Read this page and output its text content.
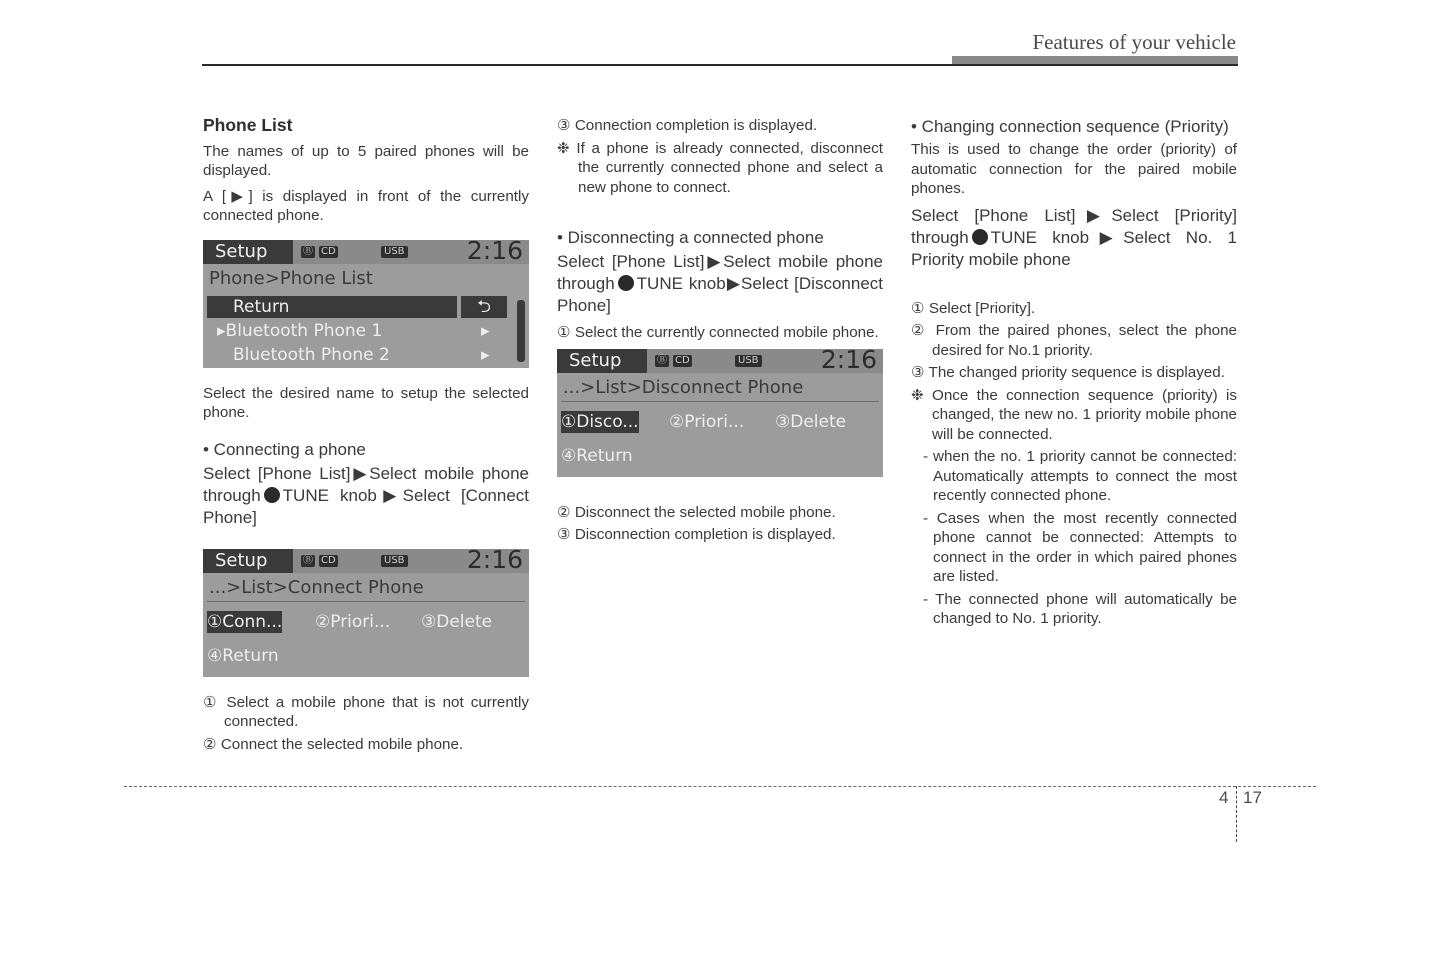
Features of your vehicle
Phone List
The names of up to 5 paired phones will be displayed.
A [▶] is displayed in front of the currently connected phone.
Setup	Ⓑ CD	USB 2:16
Phone>Phone List
Return	⮌
▸Bluetooth Phone 1	▸
Bluetooth Phone 2	▸
Select the desired name to setup the selected phone.
• Connecting a phone
Select [Phone List]▶Select mobile phone through TUNE knob▶Select [Connect Phone]
Setup	Ⓑ CD	USB 2:16
...>List>Connect Phone
①Conn... ②Priori... ③Delete
④Return
① Select a mobile phone that is not currently connected.
② Connect the selected mobile phone.
③ Connection completion is displayed.
❉ If a phone is already connected, disconnect the currently connected phone and select a new phone to connect.
• Disconnecting a connected phone
Select [Phone List]▶Select mobile phone through TUNE knob▶Select [Disconnect Phone]
① Select the currently connected mobile phone.
Setup	Ⓑ CD	USB 2:16
...>List>Disconnect Phone
①Disco... ②Priori... ③Delete
④Return
② Disconnect the selected mobile phone.
③ Disconnection completion is displayed.
• Changing connection sequence (Priority)
This is used to change the order (priority) of automatic connection for the paired mobile phones.
Select [Phone List]▶Select [Priority] through TUNE knob▶Select No. 1 Priority mobile phone
① Select [Priority].
② From the paired phones, select the phone desired for No.1 priority.
③ The changed priority sequence is displayed.
❉ Once the connection sequence (priority) is changed, the new no. 1 priority mobile phone will be connected.
- when the no. 1 priority cannot be connected: Automatically attempts to connect the most recently connected phone.
- Cases when the most recently connected phone cannot be connected: Attempts to connect in the order in which paired phones are listed.
- The connected phone will automatically be changed to No. 1 priority.
4 17
